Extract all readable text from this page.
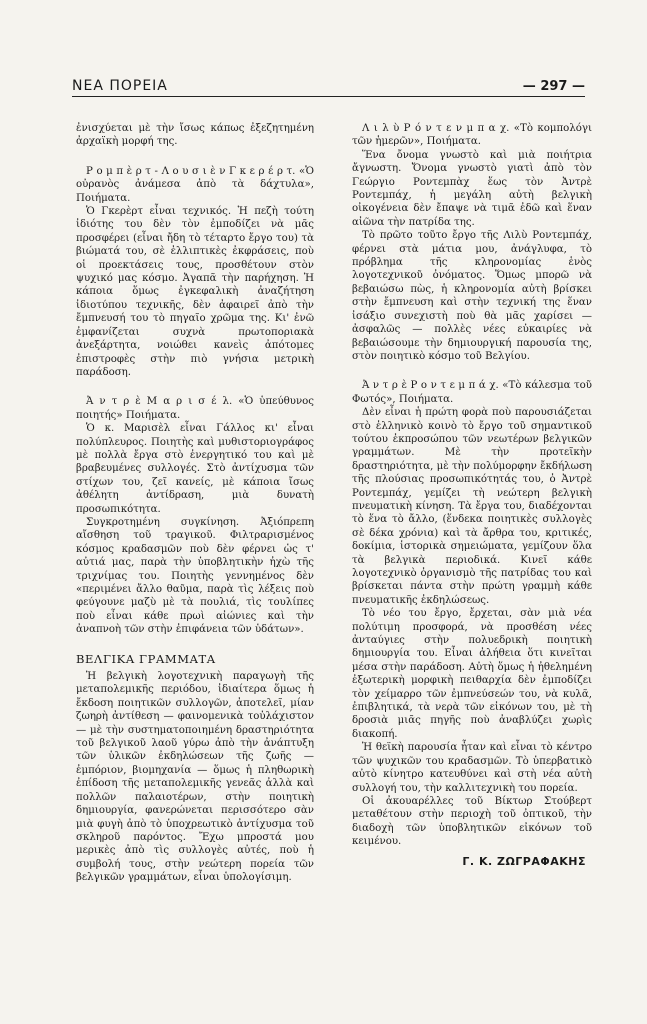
ΝΕΑ ΠΟΡΕΙΑ	— 297 —

ἐνισχύεται μὲ τὴν ἴσως κάπως ἐξεζητημένη ἀρχαϊκὴ μορφή της.

Ρ ο μ π ὲ ρ τ - Λ ο υ σ ι ὲ ν Γ κ ε ρ έ ρ τ. «Ὁ οὐρανὸς ἀνάμεσα ἀπὸ τὰ δάχτυλα», Ποιήματα.

Ὁ Γκερὲρτ εἶναι τεχνικός. Ἡ πεζὴ τούτη ἰδιότης του δὲν τὸν ἐμποδίζει νὰ μᾶς προσφέρει (εἶναι ἤδη τὸ τέταρτο ἔργο του) τὰ βιώματά του, σὲ ἐλλιπτικὲς ἐκφράσεις, ποὺ οἱ προεκτάσεις τους, προσθέτουν στὸν ψυχικό μας κόσμο. Ἀγαπᾶ τὴν παρήχηση. Ἡ κάποια ὅμως ἐγκεφαλικὴ ἀναζήτηση ἰδιοτύπου τεχνικῆς, δὲν ἀφαιρεῖ ἀπὸ τὴν ἔμπνευσή του τὸ πηγαῖο χρῶμα της. Κι' ἐνῶ ἐμφανίζεται συχνὰ πρωτοποριακὰ ἀνεξάρτητα, νοιώθει κανεὶς ἀπότομες ἐπιστροφὲς στὴν πιὸ γνήσια μετρικὴ παράδοση.

Ἀ ν τ ρ ὲ Μ α ρ ι σ έ λ. «Ὁ ὑπεύθυνος ποιητής» Ποιήματα.

Ὁ κ. Μαρισὲλ εἶναι Γάλλος κι' εἶναι πολύπλευρος. Ποιητὴς καὶ μυθιστοριογράφος μὲ πολλὰ ἔργα στὸ ἐνεργητικό του καὶ μὲ βραβευμένες συλλογές. Στὸ ἀντίχυσμα τῶν στίχων του, ζεῖ κανείς, μὲ κάποια ἴσως ἀθέλητη ἀντίδραση, μιὰ δυνατὴ προσωπικότητα.

Συγκροτημένη συγκίνηση. Ἀξιόπρεπη αἴσθηση τοῦ τραγικοῦ. Φιλτραρισμένος κόσμος κραδασμῶν ποὺ δὲν φέρνει ὡς τ' αὐτιά μας, παρὰ τὴν ὑποβλητικὴν ἠχὼ τῆς τριχνίμας του. Ποιητὴς γεννημένος δὲν «περιμένει ἄλλο θαῦμα, παρὰ τὶς λέξεις ποὺ φεύγουνε μαζὺ μὲ τὰ πουλιά, τὶς τουλίπες ποὺ εἶναι κάθε πρωὶ αἰώνιες καὶ τὴν ἀναπνοὴ τῶν στὴν ἐπιφάνεια τῶν ὑδάτων».

ΒΕΛΓΙΚΑ ΓΡΑΜΜΑΤΑ

Ἡ βελγικὴ λογοτεχνικὴ παραγωγὴ τῆς μεταπολεμικῆς περιόδου, ἰδιαίτερα ὅμως ἡ ἔκδοση ποιητικῶν συλλογῶν, ἀποτελεῖ, μίαν ζωηρὴ ἀντίθεση — φαινομενικὰ τοὐλάχιστον — μὲ τὴν συστηματοποιημένη δραστηριότητα τοῦ βελγικοῦ λαοῦ γύρω ἀπὸ τὴν ἀνάπτυξη τῶν ὑλικῶν ἐκδηλώσεων τῆς ζωῆς — ἐμπόριον, βιομηχανία — ὅμως ἡ πληθωρικὴ ἐπίδοση τῆς μεταπολεμικῆς γενεᾶς ἀλλὰ καὶ πολλῶν παλαιοτέρων, στὴν ποιητικὴ δημιουργία, φανερώνεται περισσότερο σὰν μιὰ φυγὴ ἀπὸ τὸ ὑποχρεωτικὸ ἀντίχυσμα τοῦ σκληροῦ παρόντος. Ἔχω μπροστά μου μερικὲς ἀπὸ τὶς συλλογὲς αὐτές, ποὺ ἡ συμβολή τους, στὴν νεώτερη πορεία τῶν βελγικῶν γραμμάτων, εἶναι ὑπολογίσιμη.

Λ ι λ ὺ Ρ ό ν τ ε ν μ π α χ. «Τὸ κομπολόγι τῶν ἡμερῶν», Ποιήματα.

Ἕνα ὄνομα γνωστὸ καὶ μιὰ ποιήτρια ἄγνωστη. Ὄνομα γνωστὸ γιατὶ ἀπὸ τὸν Γεώργιο Ροντεμπὰχ ἕως τὸν Ἀντρὲ Ροντεμπάχ, ἡ μεγάλη αὐτὴ βελγικὴ οἰκογένεια δὲν ἔπαψε νὰ τιμᾶ ἐδῶ καὶ ἕναν αἰῶνα τὴν πατρίδα της.

Τὸ πρῶτο τοῦτο ἔργο τῆς Λιλὺ Ροντεμπάχ, φέρνει στὰ μάτια μου, ἀνάγλυφα, τὸ πρόβλημα τῆς κληρονομίας ἑνὸς λογοτεχνικοῦ ὀνόματος. Ὅμως μπορῶ νὰ βεβαιώσω πὼς, ἡ κληρονομία αὐτὴ βρίσκει στὴν ἔμπνευση καὶ στὴν τεχνική της ἕναν ἰσάξιο συνεχιστὴ ποὺ θὰ μᾶς χαρίσει — ἀσφαλῶς — πολλὲς νέες εὐκαιρίες νὰ βεβαιώσουμε τὴν δημιουργική παρουσία της, στὸν ποιητικὸ κόσμο τοῦ Βελγίου.

Ἀ ν τ ρ ὲ Ρ ο ν τ ε μ π ά χ. «Τὸ κάλεσμα τοῦ Φωτός», Ποιήματα.

Δὲν εἶναι ἡ πρώτη φορὰ ποὺ παρουσιάζεται στὸ ἑλληνικὸ κοινὸ τὸ ἔργο τοῦ σημαντικοῦ τούτου ἐκπροσώπου τῶν νεωτέρων βελγικῶν γραμμάτων. Μὲ τὴν προτεῖκὴν δραστηριότητα, μὲ τὴν πολύμορφην ἔκδήλωση τῆς πλούσιας προσωπικότητάς του, ὁ Ἀντρὲ Ροντεμπάχ, γεμίζει τὴ νεώτερη βελγικὴ πνευματικὴ κίνηση. Τὰ ἔργα του, διαδέχονται τὸ ἕνα τὸ ἄλλο, (ἕνδεκα ποιητικὲς συλλογὲς σὲ δέκα χρόνια) καὶ τὰ ἄρθρα του, κριτικές, δοκίμια, ἱστορικὰ σημειώματα, γεμίζουν ὅλα τὰ βελγικὰ περιοδικά. Κινεῖ κάθε λογοτεχνικὸ ὀργανισμὸ τῆς πατρίδας του καὶ βρίσκεται πάντα στὴν πρώτη γραμμὴ κάθε πνευματικῆς ἐκδηλώσεως.

Τὸ νέο του ἔργο, ἔρχεται, σὰν μιὰ νέα πολύτιμη προσφορά, νὰ προσθέση νέες ἀνταύγιες στὴν πολυεδρικὴ ποιητικὴ δημιουργία του. Εἶναι ἀλήθεια ὅτι κινεῖται μέσα στὴν παράδοση. Αὐτὴ ὅμως ἡ ἠθελημένη ἐξωτερικὴ μορφικὴ πειθαρχία δὲν ἐμποδίζει τὸν χείμαρρο τῶν ἐμπνεύσεών του, νὰ κυλᾶ, ἐπιβλητικά, τὰ νερὰ τῶν εἰκόνων του, μὲ τὴ δροσιὰ μιᾶς πηγῆς ποὺ ἀναβλύζει χωρὶς διακοπή.

Ἡ θεϊκὴ παρουσία ἦταν καὶ εἶναι τὸ κέντρο τῶν ψυχικῶν του κραδασμῶν. Τὸ ὑπερβατικὸ αὐτὸ κίνητρο κατευθύνει καὶ στὴ νέα αὐτὴ συλλογή του, τὴν καλλιτεχνικὴ του πορεία.

Οἱ ἀκουαρέλλες τοῦ Βίκτωρ Στούβερτ μεταθέτουν στὴν περιοχὴ τοῦ ὀπτικοῦ, τὴν διαδοχὴ τῶν ὑποβλητικῶν εἰκόνων τοῦ κειμένου.

Γ. Κ. ΖΩΓΡΑΦΑΚΗΣ
